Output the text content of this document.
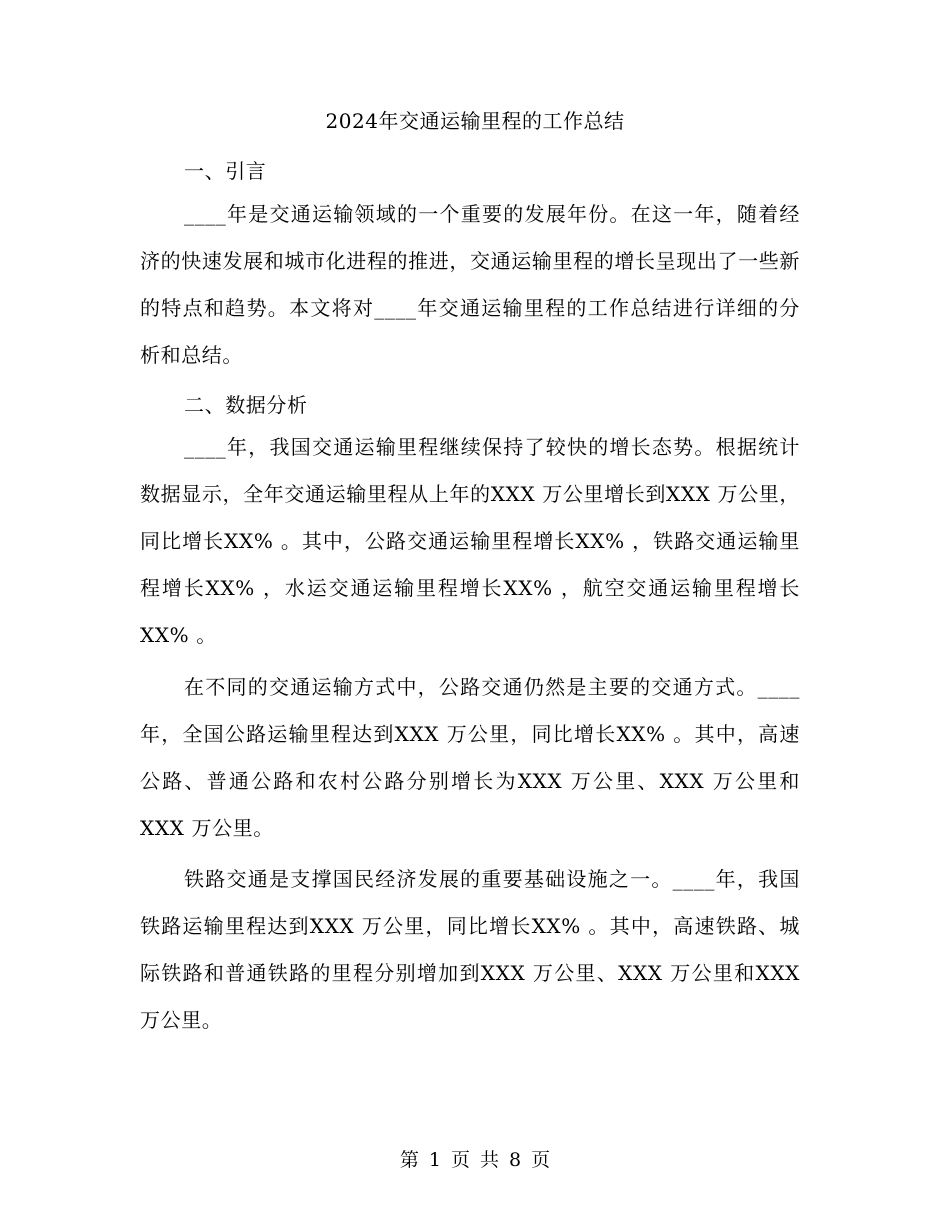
2024年交通运输里程的工作总结
一、引言

____年是交通运输领域的一个重要的发展年份。在这一年，随着经济的快速发展和城市化进程的推进，交通运输里程的增长呈现出了一些新的特点和趋势。本文将对____年交通运输里程的工作总结进行详细的分析和总结。

二、数据分析

____年，我国交通运输里程继续保持了较快的增长态势。根据统计数据显示，全年交通运输里程从上年的XXX 万公里增长到XXX 万公里，同比增长XX% 。其中，公路交通运输里程增长XX% ，铁路交通运输里程增长XX% ，水运交通运输里程增长XX% ，航空交通运输里程增长XX% 。

在不同的交通运输方式中，公路交通仍然是主要的交通方式。____年，全国公路运输里程达到XXX 万公里，同比增长XX% 。其中，高速公路、普通公路和农村公路分别增长为XXX 万公里、XXX 万公里和XXX 万公里。

铁路交通是支撑国民经济发展的重要基础设施之一。____年，我国铁路运输里程达到XXX 万公里，同比增长XX% 。其中，高速铁路、城际铁路和普通铁路的里程分别增加到XXX 万公里、XXX 万公里和XXX 万公里。

第 1 页 共 8 页
